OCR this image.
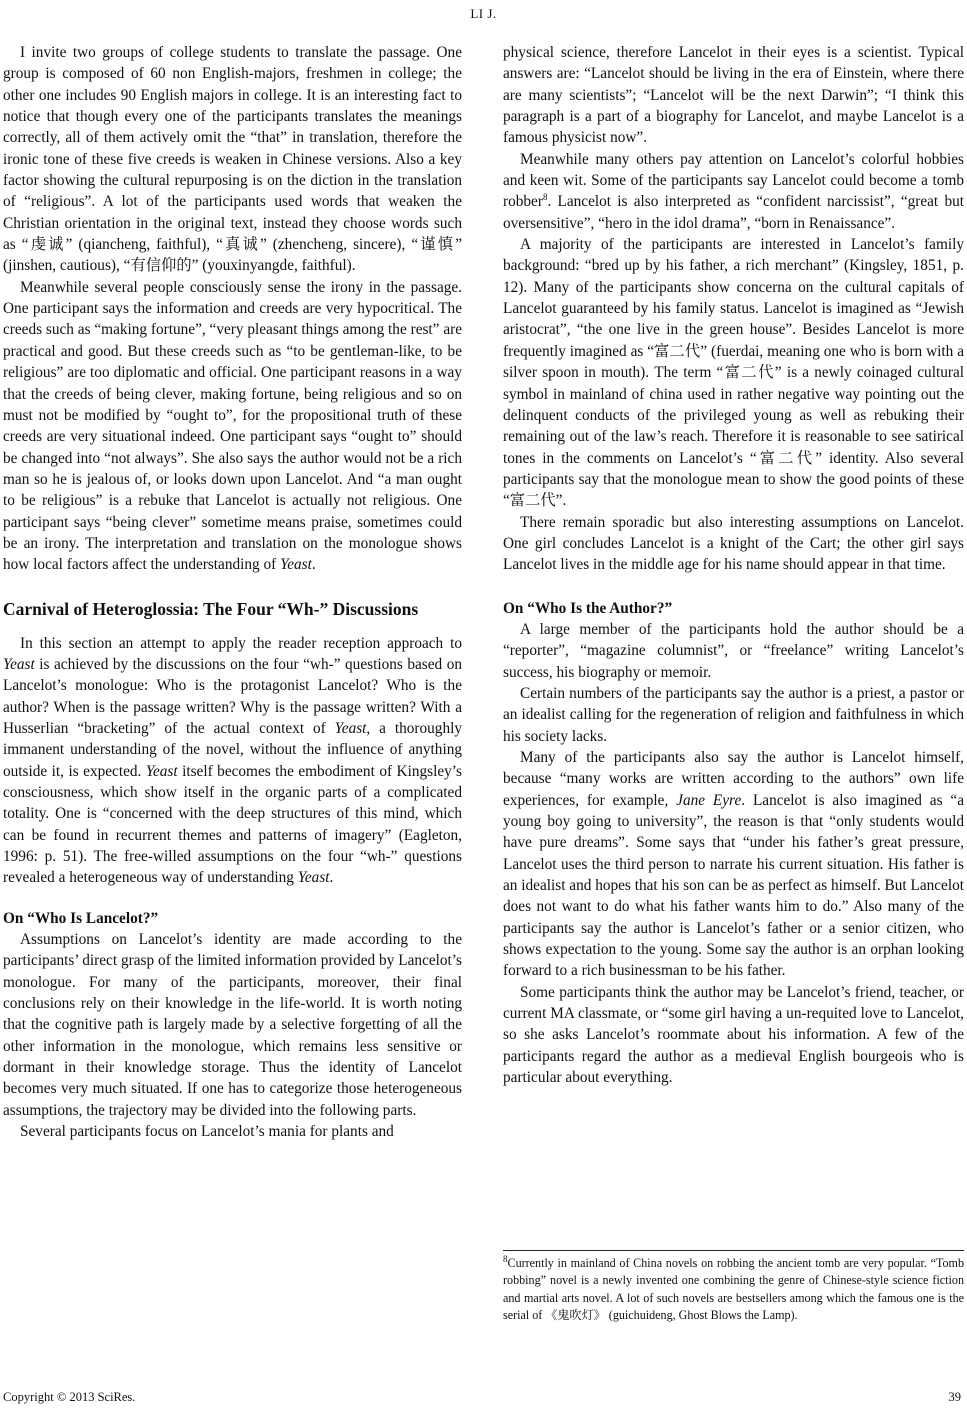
LI J.

I invite two groups of college students to translate the passage. One group is composed of 60 non English-majors, freshmen in college; the other one includes 90 English majors in college. It is an interesting fact to notice that though every one of the participants translates the meanings correctly, all of them actively omit the “that” in translation, therefore the ironic tone of these five creeds is weaken in Chinese versions. Also a key factor showing the cultural repurposing is on the diction in the translation of “religious”. A lot of the participants used words that weaken the Christian orientation in the original text, instead they choose words such as “虔诚” (qiancheng, faithful), “真诚” (zhencheng, sincere), “谨慎” (jinshen, cautious), “有信仰的” (youxinyangde, faithful).

Meanwhile several people consciously sense the irony in the passage. One participant says the information and creeds are very hypocritical. The creeds such as “making fortune”, “very pleasant things among the rest” are practical and good. But these creeds such as “to be gentleman-like, to be religious” are too diplomatic and official. One participant reasons in a way that the creeds of being clever, making fortune, being religious and so on must not be modified by “ought to”, for the propositional truth of these creeds are very situational indeed. One participant says “ought to” should be changed into “not always”. She also says the author would not be a rich man so he is jealous of, or looks down upon Lancelot. And “a man ought to be religious” is a rebuke that Lancelot is actually not religious. One participant says “being clever” sometime means praise, sometimes could be an irony. The interpretation and translation on the monologue shows how local factors affect the understanding of Yeast.

Carnival of Heteroglossia: The Four “Wh-” Discussions

In this section an attempt to apply the reader reception approach to Yeast is achieved by the discussions on the four “wh-” questions based on Lancelot’s monologue: Who is the protagonist Lancelot? Who is the author? When is the passage written? Why is the passage written? With a Husserlian “bracketing” of the actual context of Yeast, a thoroughly immanent understanding of the novel, without the influence of anything outside it, is expected. Yeast itself becomes the embodiment of Kingsley’s consciousness, which show itself in the organic parts of a complicated totality. One is “concerned with the deep structures of this mind, which can be found in recurrent themes and patterns of imagery” (Eagleton, 1996: p. 51). The free-willed assumptions on the four “wh-” questions revealed a heterogeneous way of understanding Yeast.

On “Who Is Lancelot?”

Assumptions on Lancelot’s identity are made according to the participants’ direct grasp of the limited information provided by Lancelot’s monologue. For many of the participants, moreover, their final conclusions rely on their knowledge in the life-world. It is worth noting that the cognitive path is largely made by a selective forgetting of all the other information in the monologue, which remains less sensitive or dormant in their knowledge storage. Thus the identity of Lancelot becomes very much situated. If one has to categorize those heterogeneous assumptions, the trajectory may be divided into the following parts.

Several participants focus on Lancelot’s mania for plants and

physical science, therefore Lancelot in their eyes is a scientist. Typical answers are: “Lancelot should be living in the era of Einstein, where there are many scientists”; “Lancelot will be the next Darwin”; “I think this paragraph is a part of a biography for Lancelot, and maybe Lancelot is a famous physicist now”.

Meanwhile many others pay attention on Lancelot’s colorful hobbies and keen wit. Some of the participants say Lancelot could become a tomb robber$^8$. Lancelot is also interpreted as “confident narcissist”, “great but oversensitive”, “hero in the idol drama”, “born in Renaissance”.

A majority of the participants are interested in Lancelot’s family background: “bred up by his father, a rich merchant” (Kingsley, 1851, p. 12). Many of the participants show concerna on the cultural capitals of Lancelot guaranteed by his family status. Lancelot is imagined as “Jewish aristocrat”, “the one live in the green house”. Besides Lancelot is more frequently imagined as “富二代” (fuerdai, meaning one who is born with a silver spoon in mouth). The term “富二代” is a newly coinaged cultural symbol in mainland of china used in rather negative way pointing out the delinquent conducts of the privileged young as well as rebuking their remaining out of the law’s reach. Therefore it is reasonable to see satirical tones in the comments on Lancelot’s “富二代” identity. Also several participants say that the monologue mean to show the good points of these “富二代”.

There remain sporadic but also interesting assumptions on Lancelot. One girl concludes Lancelot is a knight of the Cart; the other girl says Lancelot lives in the middle age for his name should appear in that time.

On “Who Is the Author?”

A large member of the participants hold the author should be a “reporter”, “magazine columnist”, or “freelance” writing Lancelot’s success, his biography or memoir.

Certain numbers of the participants say the author is a priest, a pastor or an idealist calling for the regeneration of religion and faithfulness in which his society lacks.

Many of the participants also say the author is Lancelot himself, because “many works are written according to the authors” own life experiences, for example, Jane Eyre. Lancelot is also imagined as “a young boy going to university”, the reason is that “only students would have pure dreams”. Some says that “under his father’s great pressure, Lancelot uses the third person to narrate his current situation. His father is an idealist and hopes that his son can be as perfect as himself. But Lancelot does not want to do what his father wants him to do.” Also many of the participants say the author is Lancelot’s father or a senior citizen, who shows expectation to the young. Some say the author is an orphan looking forward to a rich businessman to be his father.

Some participants think the author may be Lancelot’s friend, teacher, or current MA classmate, or “some girl having a un-requited love to Lancelot, so she asks Lancelot’s roommate about his information. A few of the participants regard the author as a medieval English bourgeois who is particular about everything.

$^8$Currently in mainland of China novels on robbing the ancient tomb are very popular. “Tomb robbing” novel is a newly invented one combining the genre of Chinese-style science fiction and martial arts novel. A lot of such novels are bestsellers among which the famous one is the serial of 《鬼吹灯》 (guichuideng, Ghost Blows the Lamp).

Copyright © 2013 SciRes.	39
